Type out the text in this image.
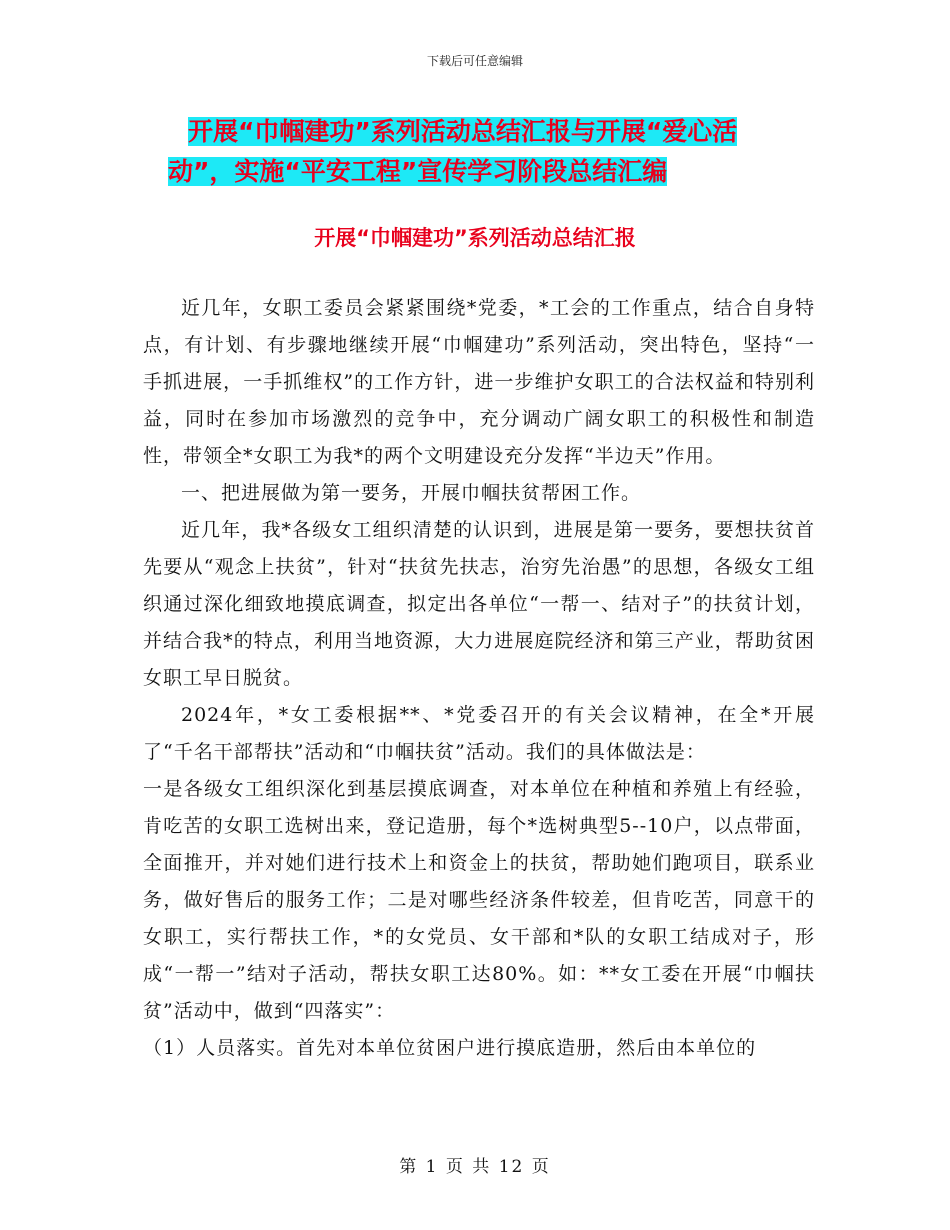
下载后可任意编辑
开展“巾帼建功”系列活动总结汇报与开展“爱心活
动”，实施“平安工程”宣传学习阶段总结汇编
开展“巾帼建功”系列活动总结汇报

近几年，女职工委员会紧紧围绕*党委，*工会的工作重点，结合自身特点，有计划、有步骤地继续开展“巾帼建功”系列活动，突出特色，坚持“一手抓进展，一手抓维权”的工作方针，进一步维护女职工的合法权益和特别利益，同时在参加市场激烈的竞争中，充分调动广阔女职工的积极性和制造性，带领全*女职工为我*的两个文明建设充分发挥“半边天”作用。

一、把进展做为第一要务，开展巾帼扶贫帮困工作。

近几年，我*各级女工组织清楚的认识到，进展是第一要务，要想扶贫首先要从“观念上扶贫”，针对“扶贫先扶志，治穷先治愚”的思想，各级女工组织通过深化细致地摸底调查，拟定出各单位“一帮一、结对子”的扶贫计划，并结合我*的特点，利用当地资源，大力进展庭院经济和第三产业，帮助贫困女职工早日脱贫。

2024年，*女工委根据**、*党委召开的有关会议精神，在全*开展了“千名干部帮扶”活动和“巾帼扶贫”活动。我们的具体做法是：

一是各级女工组织深化到基层摸底调查，对本单位在种植和养殖上有经验，肯吃苦的女职工选树出来，登记造册，每个*选树典型5--10户，以点带面，全面推开，并对她们进行技术上和资金上的扶贫，帮助她们跑项目，联系业务，做好售后的服务工作；二是对哪些经济条件较差，但肯吃苦，同意干的女职工，实行帮扶工作，*的女党员、女干部和*队的女职工结成对子，形成“一帮一”结对子活动，帮扶女职工达80%。如：**女工委在开展“巾帼扶贫”活动中，做到“四落实”：

（1）人员落实。首先对本单位贫困户进行摸底造册，然后由本单位的

第 1 页 共 12 页
